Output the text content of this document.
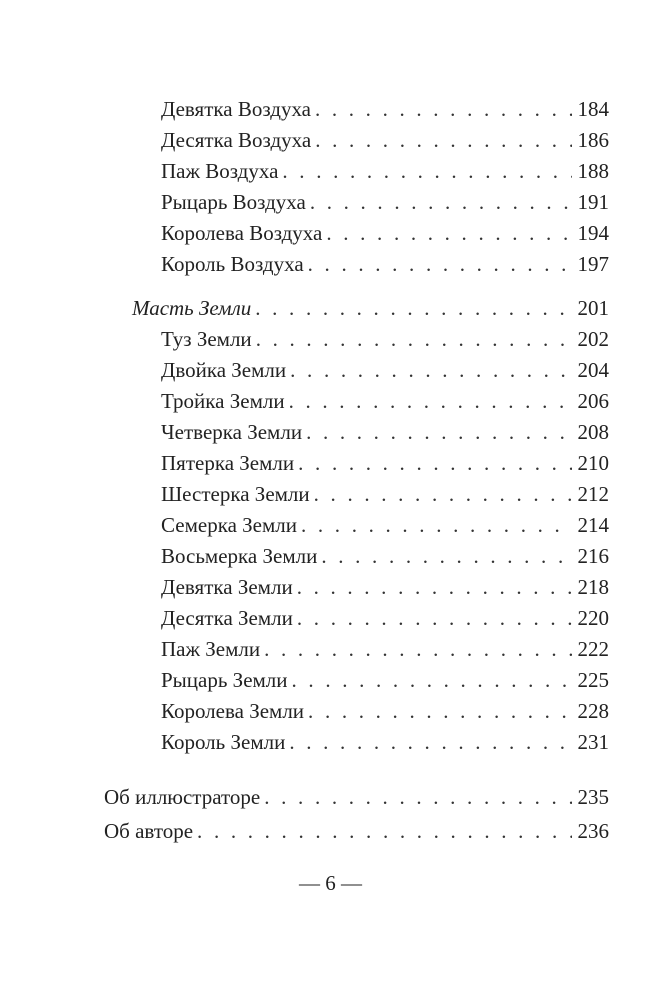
Девятка Воздуха . . .	184
Десятка Воздуха . . .	186
Паж Воздуха . . .	188
Рыцарь Воздуха . . .	191
Королева Воздуха . . .	194
Король Воздуха . . .	197
Масть Земли . . .	201
Туз Земли . . .	202
Двойка Земли . . .	204
Тройка Земли . . .	206
Четверка Земли . . .	208
Пятерка Земли . . .	210
Шестерка Земли . . .	212
Семерка Земли . . .	214
Восьмерка Земли . . .	216
Девятка Земли . . .	218
Десятка Земли . . .	220
Паж Земли . . .	222
Рыцарь Земли . . .	225
Королева Земли . . .	228
Король Земли . . .	231
Об иллюстраторе . . .	235
Об авторе . . .	236
— 6 —
